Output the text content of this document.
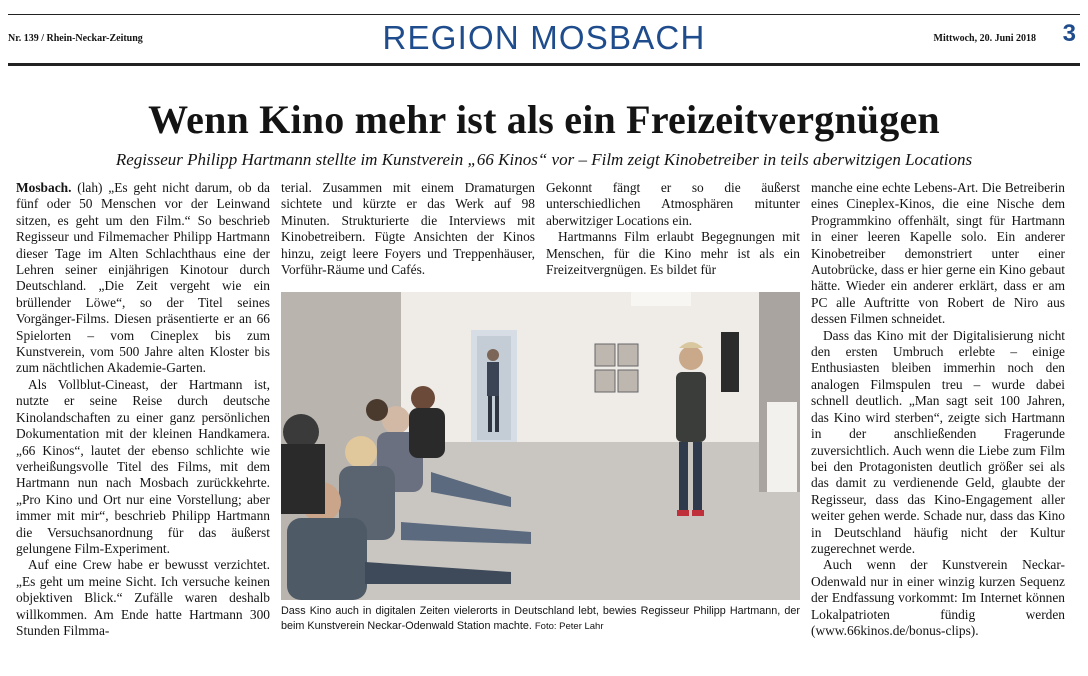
Nr. 139 / Rhein-Neckar-Zeitung	REGION MOSBACH	Mittwoch, 20. Juni 2018 3
Wenn Kino mehr ist als ein Freizeitvergnügen
Regisseur Philipp Hartmann stellte im Kunstverein „66 Kinos“ vor – Film zeigt Kinobetreiber in teils aberwitzigen Locations

Mosbach. (lah) „Es geht nicht darum, ob da fünf oder 50 Menschen vor der Leinwand sitzen, es geht um den Film.“ So beschrieb Regisseur und Filmemacher Philipp Hartmann dieser Tage im Alten Schlachthaus eine der Lehren seiner einjährigen Kinotour durch Deutschland. „Die Zeit vergeht wie ein brüllender Löwe“, so der Titel seines Vorgänger-Films. Diesen präsentierte er an 66 Spielorten – vom Cineplex bis zum Kunstverein, vom 500 Jahre alten Kloster bis zum nächtlichen Akademie-Garten.

Als Vollblut-Cineast, der Hartmann ist, nutzte er seine Reise durch deutsche Kinolandschaften zu einer ganz persönlichen Dokumentation mit der kleinen Handkamera. „66 Kinos“, lautet der ebenso schlichte wie verheißungsvolle Titel des Films, mit dem Hartmann nun nach Mosbach zurückkehrte. „Pro Kino und Ort nur eine Vorstellung; aber immer mit mir“, beschrieb Philipp Hartmann die Versuchsanordnung für das äußerst gelungene Film-Experiment.

Auf eine Crew habe er bewusst verzichtet. „Es geht um meine Sicht. Ich versuche keinen objektiven Blick.“ Zufälle waren deshalb willkommen. Am Ende hatte Hartmann 300 Stunden Filmma-

terial. Zusammen mit einem Dramaturgen sichtete und kürzte er das Werk auf 98 Minuten. Strukturierte die Interviews mit Kinobetreibern. Fügte Ansichten der Kinos hinzu, zeigt leere Foyers und Treppenhäuser, Vorführ-Räume und Cafés.

Gekonnt fängt er so die äußerst unterschiedlichen Atmosphären mitunter aberwitziger Locations ein.

Hartmanns Film erlaubt Begegnungen mit Menschen, für die Kino mehr ist als ein Freizeitvergnügen. Es bildet für

manche eine echte Lebens-Art. Die Betreiberin eines Cineplex-Kinos, die eine Nische dem Programmkino offenhält, singt für Hartmann in einer leeren Kapelle solo. Ein anderer Kinobetreiber demonstriert unter einer Autobrücke, dass er hier gerne ein Kino gebaut hätte. Wieder ein anderer erklärt, dass er am PC alle Auftritte von Robert de Niro aus dessen Filmen schneidet.

Dass das Kino mit der Digitalisierung nicht den ersten Umbruch erlebte – einige Enthusiasten bleiben immerhin noch den analogen Filmspulen treu – wurde dabei schnell deutlich. „Man sagt seit 100 Jahren, das Kino wird sterben“, zeigte sich Hartmann in der anschließenden Fragerunde zuversichtlich. Auch wenn die Liebe zum Film bei den Protagonisten deutlich größer sei als das damit zu verdienende Geld, glaubte der Regisseur, dass das Kino-Engagement aller weiter gehen werde. Schade nur, dass das Kino in Deutschland häufig nicht der Kultur zugerechnet werde.

Auch wenn der Kunstverein Neckar-Odenwald nur in einer winzig kurzen Sequenz der Endfassung vorkommt: Im Internet können Lokalpatrioten fündig werden (www.66kinos.de/bonus-clips).

Dass Kino auch in digitalen Zeiten vielerorts in Deutschland lebt, bewies Regisseur Philipp Hartmann, der beim Kunstverein Neckar-Odenwald Station machte. Foto: Peter Lahr
